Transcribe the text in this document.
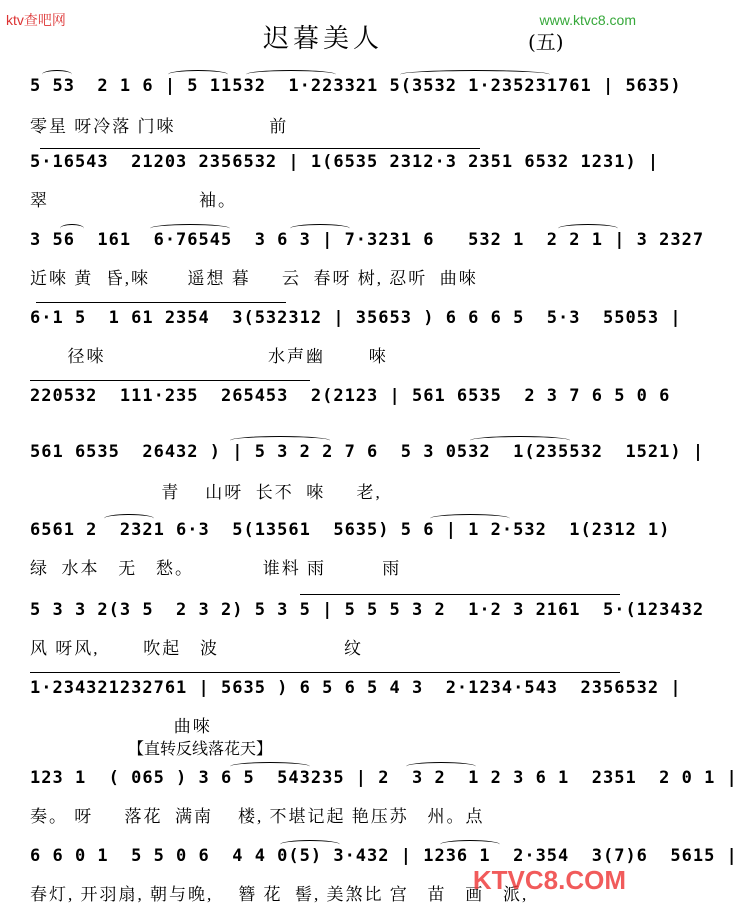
ktv查吧网	www.ktvc8.com
迟暮美人	(五)
5 53  2 1 6 | 5 11532  1·223321 5(3532 1·235231761 | 5635)
零星 呀冷落 门唻               前
5·16543  21203 2356532 | 1(6535 2312·3 2351 6532 1231) |
翠                        袖。
3 56  161  6·76545  3 6 3 | 7·3231 6   532 1  2 2 1 | 3 2327
近唻 黄  昏,唻      遥想 暮     云  春呀 树, 忍听  曲唻
6·1 5  1 61 2354  3(532312 | 35653 ) 6 6 6 5  5·3  55053 |
径唻                          水声幽       唻
220532  111·235  265453  2(2123 | 561 6535  2 3 7 6 5 0 6
561 6535  26432 ) | 5 3 2 2 7 6  5 3 0532  1(235532  1521) |
青    山呀  长不  唻     老,
6561 2  2321 6·3  5(13561  5635) 5 6 | 1 2·532  1(2312 1)
绿  水本   无   愁。           谁料 雨         雨
5 3 3 2(3 5  2 3 2) 5 3 5 | 5 5 5 3 2  1·2 3 2161  5·(123432
风 呀风,       吹起   波                    纹
1·234321232761 | 5635 ) 6 5 6 5 4 3  2·1234·543  2356532 |
曲唻
【直转反线落花天】
123 1  ( 065 ) 3 6 5  543235 | 2  3 2  1 2 3 6 1  2351  2 0 1 |
奏。 呀     落花  满南    楼, 不堪记起 艳压苏   州。点
6 6 0 1  5 5 0 6  4 4 0(5) 3·432 | 1236 1  2·354  3(7)6  5615 |
春灯, 开羽扇, 朝与晚,    簪 花  髻, 美煞比 宫   苗   画   派,
KTVC8.COM
